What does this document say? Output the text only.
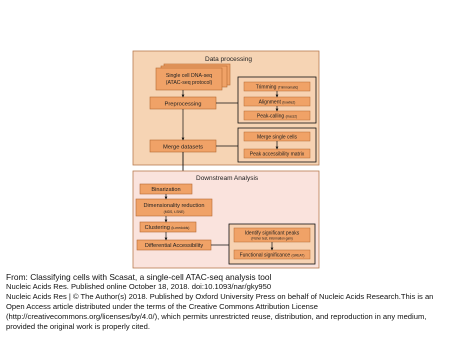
Data processing
Single cell DNA-seq
(ATAC-seq protocol)
Preprocessing
Merge datasets
Trimming (Trimmomatic)
Alignment (bowtie2)
Peak-calling (macs2)
Merge single cells
Peak accessibility matrix
Downstream Analysis
Binarization
Dimensionality reduction
(MDS, t-SNE)
Clustering (k-medoids)
Differential Accessibility
Identify significant peaks
(Fisher test, information gain)
Functional significance (GREAT)
From: Classifying cells with Scasat, a single-cell ATAC-seq analysis tool
Nucleic Acids Res. Published online October 18, 2018. doi:10.1093/nar/gky950
Nucleic Acids Res | © The Author(s) 2018. Published by Oxford University Press on behalf of Nucleic Acids Research.This is an
Open Access article distributed under the terms of the Creative Commons Attribution License
(http://creativecommons.org/licenses/by/4.0/), which permits unrestricted reuse, distribution, and reproduction in any medium,
provided the original work is properly cited.
